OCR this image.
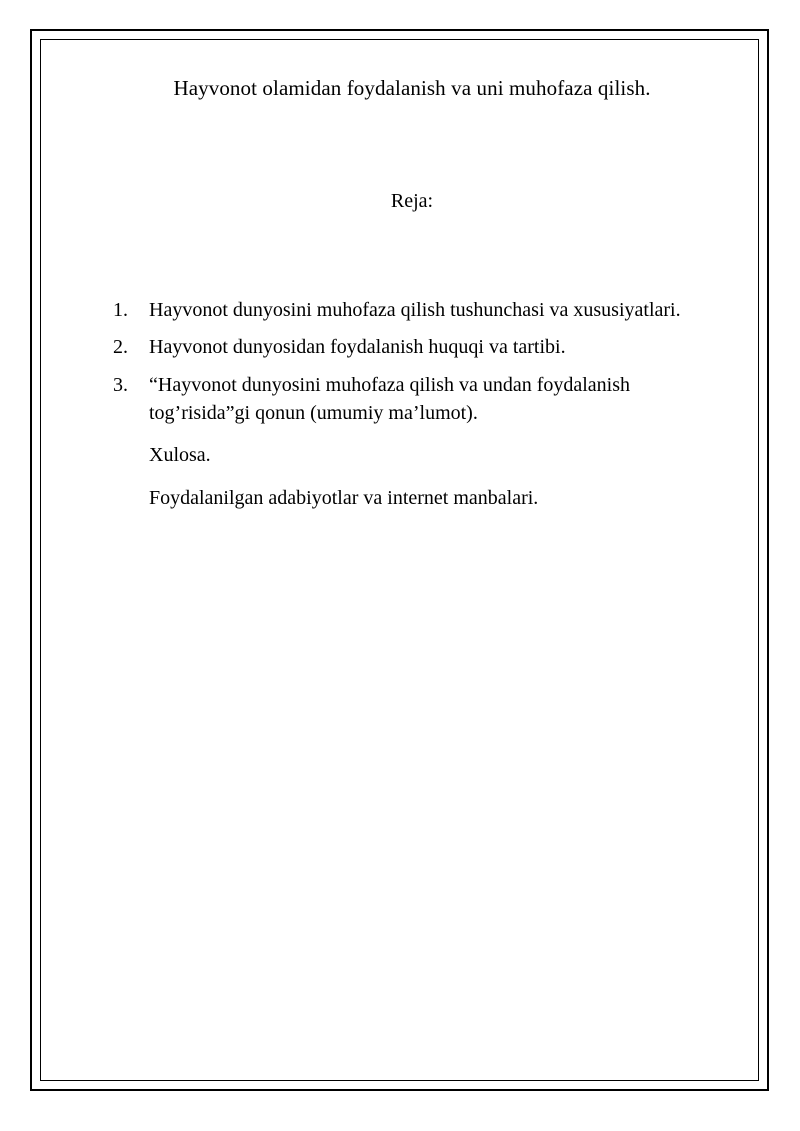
Hayvonot olamidan foydalanish va uni muhofaza qilish.
Reja:
1.	Hayvonot dunyosini muhofaza qilish tushunchasi va xususiyatlari.
2.	Hayvonot dunyosidan foydalanish huquqi va tartibi.
3.	“Hayvonot dunyosini muhofaza qilish va undan foydalanish tog’risida”gi qonun (umumiy ma’lumot).
Xulosa.
Foydalanilgan adabiyotlar va internet manbalari.
